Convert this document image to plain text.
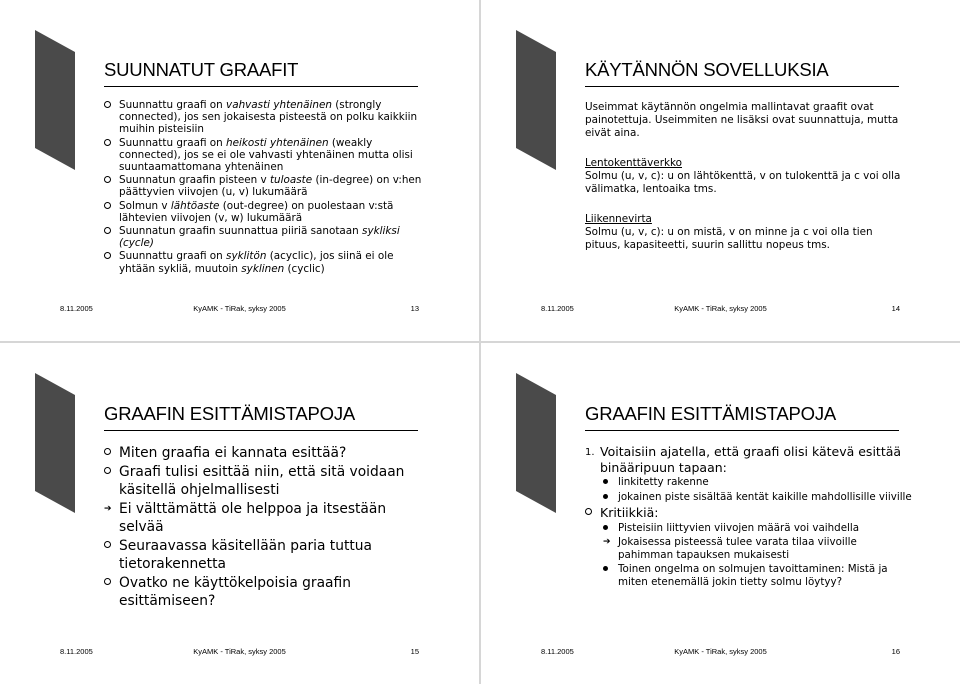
SUUNNATUT GRAAFIT
Suunnattu graafi on vahvasti yhtenäinen (strongly connected), jos sen jokaisesta pisteestä on polku kaikkiin muihin pisteisiin
Suunnattu graafi on heikosti yhtenäinen (weakly connected), jos se ei ole vahvasti yhtenäinen mutta olisi suuntaamattomana yhtenäinen
Suunnatun graafin pisteen v tuloaste (in-degree) on v:hen päättyvien viivojen (u, v) lukumäärä
Solmun v lähtöaste (out-degree) on puolestaan v:stä lähtevien viivojen (v, w) lukumäärä
Suunnatun graafin suunnattua piiriä sanotaan sykliksi (cycle)
Suunnattu graafi on syklitön (acyclic), jos siinä ei ole yhtään sykliä, muutoin syklinen (cyclic)
8.11.2005	KyAMK - TiRak, syksy 2005	13
KÄYTÄNNÖN SOVELLUKSIA
Useimmat käytännön ongelmia mallintavat graafit ovat painotettuja. Useimmiten ne lisäksi ovat suunnattuja, mutta eivät aina.
Lentokenttäverkko
Solmu (u, v, c): u on lähtökenttä, v on tulokenttä ja c voi olla välimatka, lentoaika tms.
Liikennevirta
Solmu (u, v, c): u on mistä, v on minne ja c voi olla tien pituus, kapasiteetti, suurin sallittu nopeus tms.
8.11.2005	KyAMK - TiRak, syksy 2005	14
GRAAFIN ESITTÄMISTAPOJA
Miten graafia ei kannata esittää?
Graafi tulisi esittää niin, että sitä voidaan käsitellä ohjelmallisesti
➔ Ei välttämättä ole helppoa ja itsestään selvää
Seuraavassa käsitellään paria tuttua tietorakennetta
Ovatko ne käyttökelpoisia graafin esittämiseen?
8.11.2005	KyAMK - TiRak, syksy 2005	15
GRAAFIN ESITTÄMISTAPOJA
1. Voitaisiin ajatella, että graafi olisi kätevä esittää binääripuun tapaan:
linkitetty rakenne
jokainen piste sisältää kentät kaikille mahdollisille viiville
Kritiikkiä:
Pisteisiin liittyvien viivojen määrä voi vaihdella
➔ Jokaisessa pisteessä tulee varata tilaa viivoille pahimman tapauksen mukaisesti
Toinen ongelma on solmujen tavoittaminen: Mistä ja miten etenemällä jokin tietty solmu löytyy?
8.11.2005	KyAMK - TiRak, syksy 2005	16
